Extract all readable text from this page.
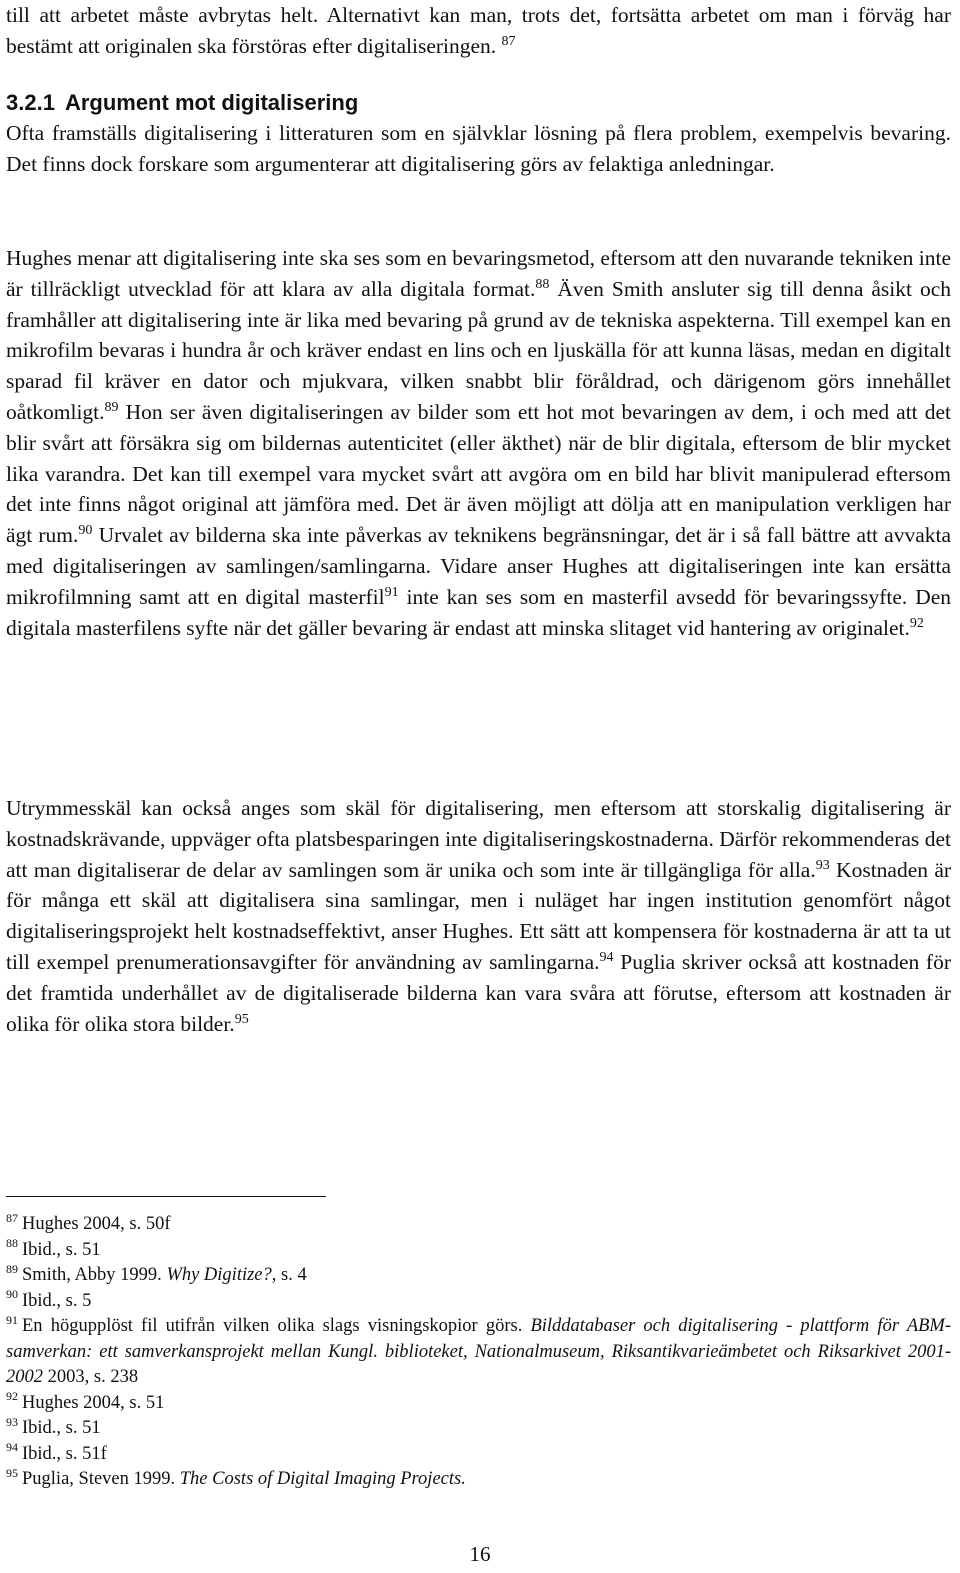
till att arbetet måste avbrytas helt. Alternativt kan man, trots det, fortsätta arbetet om man i förväg har bestämt att originalen ska förstöras efter digitaliseringen. $^{87}$

3.2.1 Argument mot digitalisering

Ofta framställs digitalisering i litteraturen som en självklar lösning på flera problem, exempelvis bevaring. Det finns dock forskare som argumenterar att digitalisering görs av felaktiga anledningar.

Hughes menar att digitalisering inte ska ses som en bevaringsmetod, eftersom att den nuvarande tekniken inte är tillräckligt utvecklad för att klara av alla digitala format.$^{88}$ Även Smith ansluter sig till denna åsikt och framhåller att digitalisering inte är lika med bevaring på grund av de tekniska aspekterna. Till exempel kan en mikrofilm bevaras i hundra år och kräver endast en lins och en ljuskälla för att kunna läsas, medan en digitalt sparad fil kräver en dator och mjukvara, vilken snabbt blir föråldrad, och därigenom görs innehållet oåtkomligt.$^{89}$ Hon ser även digitaliseringen av bilder som ett hot mot bevaringen av dem, i och med att det blir svårt att försäkra sig om bildernas autenticitet (eller äkthet) när de blir digitala, eftersom de blir mycket lika varandra. Det kan till exempel vara mycket svårt att avgöra om en bild har blivit manipulerad eftersom det inte finns något original att jämföra med. Det är även möjligt att dölja att en manipulation verkligen har ägt rum.$^{90}$ Urvalet av bilderna ska inte påverkas av teknikens begränsningar, det är i så fall bättre att avvakta med digitaliseringen av samlingen/samlingarna. Vidare anser Hughes att digitaliseringen inte kan ersätta mikrofilmning samt att en digital masterfil$^{91}$ inte kan ses som en masterfil avsedd för bevaringssyfte. Den digitala masterfilens syfte när det gäller bevaring är endast att minska slitaget vid hantering av originalet.$^{92}$

Utrymmesskäl kan också anges som skäl för digitalisering, men eftersom att storskalig digitalisering är kostnadskrävande, uppväger ofta platsbesparingen inte digitaliseringskostnaderna. Därför rekommenderas det att man digitaliserar de delar av samlingen som är unika och som inte är tillgängliga för alla.$^{93}$ Kostnaden är för många ett skäl att digitalisera sina samlingar, men i nuläget har ingen institution genomfört något digitaliseringsprojekt helt kostnadseffektivt, anser Hughes. Ett sätt att kompensera för kostnaderna är att ta ut till exempel prenumerationsavgifter för användning av samlingarna.$^{94}$ Puglia skriver också att kostnaden för det framtida underhållet av de digitaliserade bilderna kan vara svåra att förutse, eftersom att kostnaden är olika för olika stora bilder.$^{95}$

$^{87}$ Hughes 2004, s. 50f
$^{88}$ Ibid., s. 51
$^{89}$ Smith, Abby 1999. Why Digitize?, s. 4
$^{90}$ Ibid., s. 5
$^{91}$ En högupplöst fil utifrån vilken olika slags visningskopior görs. Bilddatabaser och digitalisering - plattform för ABM-samverkan: ett samverkansprojekt mellan Kungl. biblioteket, Nationalmuseum, Riksantikvarieämbetet och Riksarkivet 2001-2002 2003, s. 238
$^{92}$ Hughes 2004, s. 51
$^{93}$ Ibid., s. 51
$^{94}$ Ibid., s. 51f
$^{95}$ Puglia, Steven 1999. The Costs of Digital Imaging Projects.
16
